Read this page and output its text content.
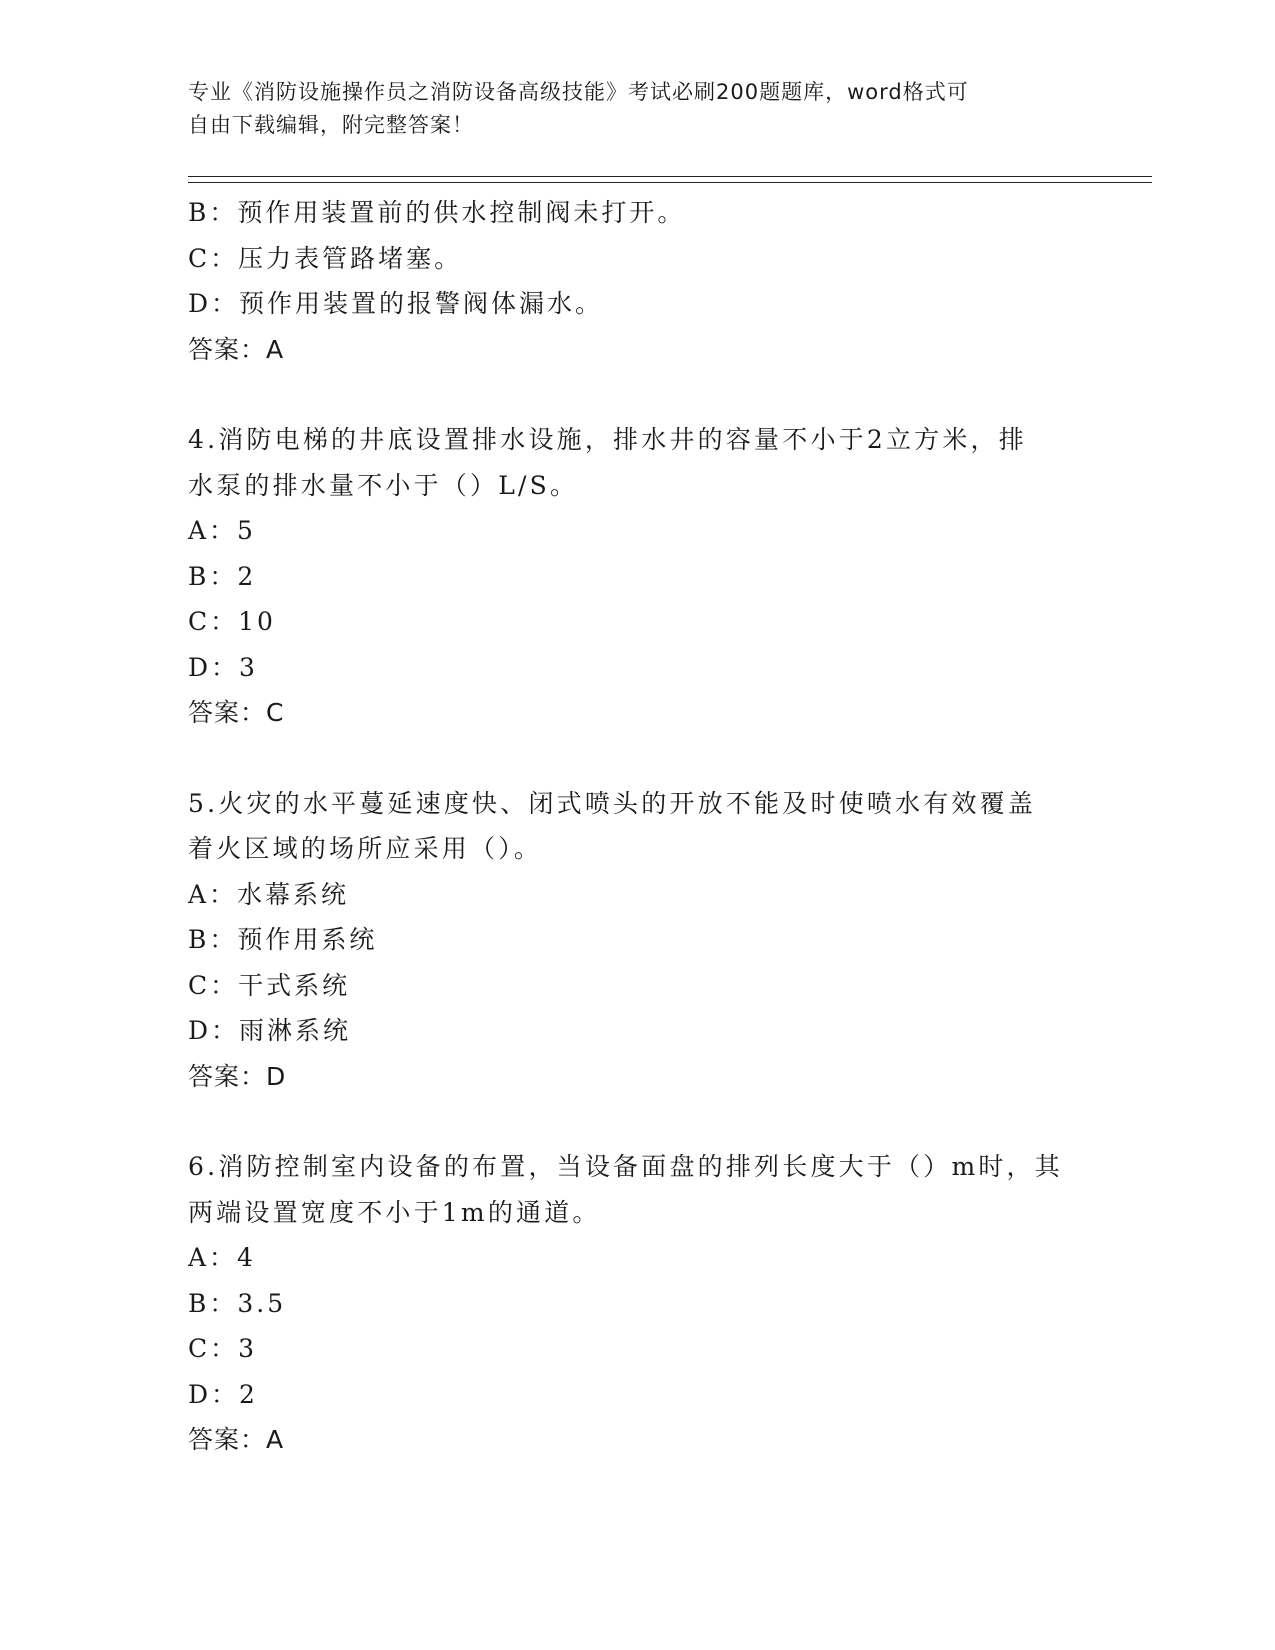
专业《消防设施操作员之消防设备高级技能》考试必刷200题题库，word格式可
自由下载编辑，附完整答案！
B：预作用装置前的供水控制阀未打开。
C：压力表管路堵塞。
D：预作用装置的报警阀体漏水。
答案：A
4.消防电梯的井底设置排水设施，排水井的容量不小于2立方米，排
水泵的排水量不小于（）L/S。
A：5
B：2
C：10
D：3
答案：C
5.火灾的水平蔓延速度快、闭式喷头的开放不能及时使喷水有效覆盖
着火区域的场所应采用（）。
A：水幕系统
B：预作用系统
C：干式系统
D：雨淋系统
答案：D
6.消防控制室内设备的布置，当设备面盘的排列长度大于（）m时，其
两端设置宽度不小于1m的通道。
A：4
B：3.5
C：3
D：2
答案：A
